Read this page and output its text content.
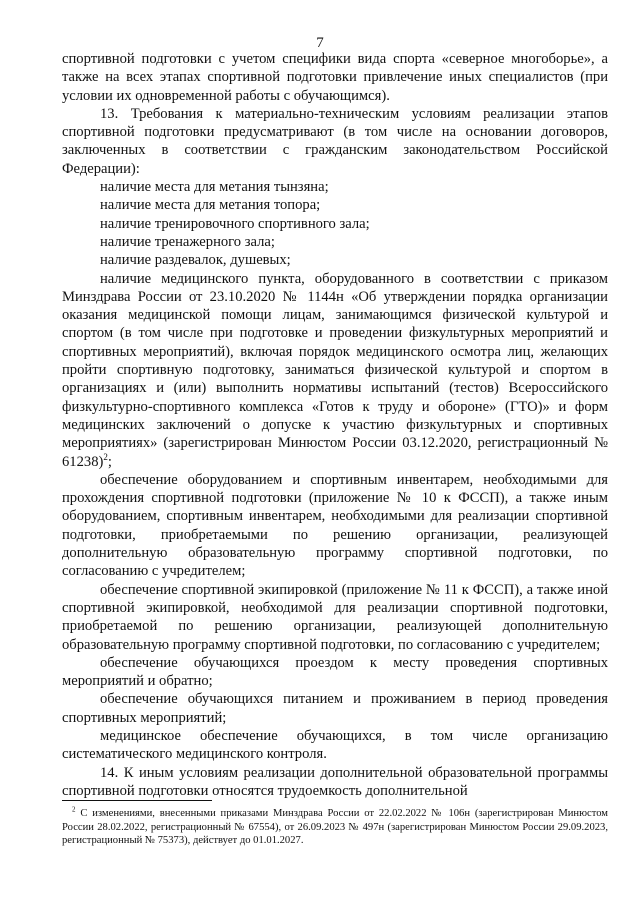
7

спортивной подготовки с учетом специфики вида спорта «северное многоборье», а также на всех этапах спортивной подготовки привлечение иных специалистов (при условии их одновременной работы с обучающимся).

13. Требования к материально-техническим условиям реализации этапов спортивной подготовки предусматривают (в том числе на основании договоров, заключенных в соответствии с гражданским законодательством Российской Федерации):

наличие места для метания тынзяна;

наличие места для метания топора;

наличие тренировочного спортивного зала;

наличие тренажерного зала;

наличие раздевалок, душевых;

наличие медицинского пункта, оборудованного в соответствии с приказом Минздрава России от 23.10.2020 № 1144н «Об утверждении порядка организации оказания медицинской помощи лицам, занимающимся физической культурой и спортом (в том числе при подготовке и проведении физкультурных мероприятий и спортивных мероприятий), включая порядок медицинского осмотра лиц, желающих пройти спортивную подготовку, заниматься физической культурой и спортом в организациях и (или) выполнить нормативы испытаний (тестов) Всероссийского физкультурно-спортивного комплекса «Готов к труду и обороне» (ГТО)» и форм медицинских заключений о допуске к участию физкультурных и спортивных мероприятиях» (зарегистрирован Минюстом России 03.12.2020, регистрационный № 61238)$^2$;

обеспечение оборудованием и спортивным инвентарем, необходимыми для прохождения спортивной подготовки (приложение № 10 к ФССП), а также иным оборудованием, спортивным инвентарем, необходимыми для реализации спортивной подготовки, приобретаемыми по решению организации, реализующей дополнительную образовательную программу спортивной подготовки, по согласованию с учредителем;

обеспечение спортивной экипировкой (приложение № 11 к ФССП), а также иной спортивной экипировкой, необходимой для реализации спортивной подготовки, приобретаемой по решению организации, реализующей дополнительную образовательную программу спортивной подготовки, по согласованию с учредителем;

обеспечение обучающихся проездом к месту проведения спортивных мероприятий и обратно;

обеспечение обучающихся питанием и проживанием в период проведения спортивных мероприятий;

медицинское обеспечение обучающихся, в том числе организацию систематического медицинского контроля.

14. К иным условиям реализации дополнительной образовательной программы спортивной подготовки относятся трудоемкость дополнительной

$^2$ С изменениями, внесенными приказами Минздрава России от 22.02.2022 № 106н (зарегистрирован Минюстом России 28.02.2022, регистрационный № 67554), от 26.09.2023 № 497н (зарегистрирован Минюстом России 29.09.2023, регистрационный № 75373), действует до 01.01.2027.
